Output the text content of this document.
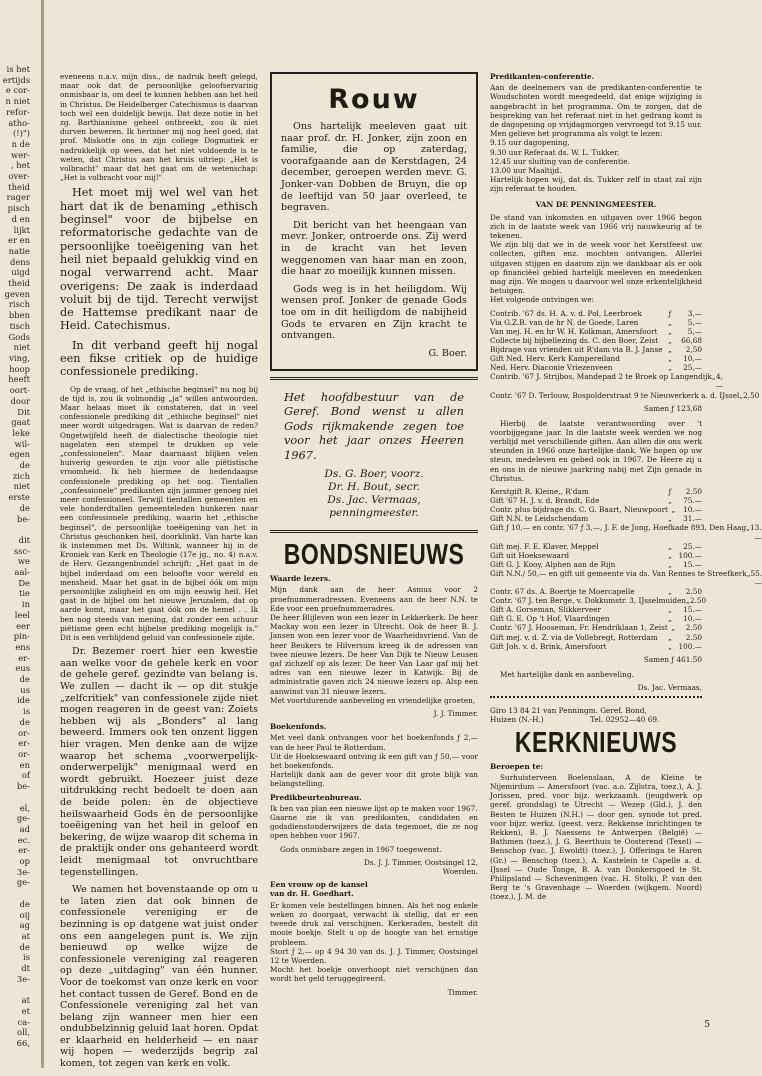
is het
ertijds
e cor-
n niet
refor-
atho-
(!)")
n de
wer-
, het
over-
theid
rager
pisch
d en
lijkt
er en
natie
dens
uigd
theid
geven
risch
bben
tisch
Gods
niet
ving,
hoop
heeft
oort-
door
Dit
gaat
leke
wil-
egen
de
zich
niet
erste
de
be-

dit
ssc-
we
aal-
De
tie
in
leel
eer
pin-
ens
er-
eus
de
us
ide
is
de
or-
er-
or-
en
of
be-

el,
ge-
ad
ec.
er-
op
3e-
ge-

de
oij
ag
at
de
is
dt
3e-

at
et
ca-
oll,
66,

eveneens n.a.v. mijn diss., de nadruk heeft gelegd, maar ook dat de persoonlijke geloofservaring onmisbaar is, om deel te kunnen hebben aan het heil in Christus. De Heidelberger Catechismus is daarvan toch wel een duidelijk bewijs. Dat deze notie in het zg. Barthianisme geheel ontbreekt, zou ik niet durven beweren. Ik herinner mij nog heel goed, dat prof. Miskotte ons in zijn college Dogmatiek er nadrukkelijk op wees, dat het niet voldoende is te weten, dat Christus aan het kruis uitriep: „Het is volbracht" maar dat het gaat om de wetenschap: „Het is volbracht voor mij!"

Het moet mij wel wel van het hart dat ik de benaming „ethisch beginsel" voor de bijbelse en reformatorische gedachte van de persoonlijke toeëigening van het heil niet bepaald gelukkig vind en nogal verwarrend acht. Maar overigens: De zaak is inderdaad voluit bij de tijd. Terecht verwijst de Hattemse predikant naar de Heid. Catechismus.

In dit verband geeft hij nogal een fikse critiek op de huidige confessionele prediking.

Op de vraag, of het „ethische beginsel" nu nog bij de tijd is, zou ik volmondig „ja" willen antwoorden. Maar helaas moet ik constateren, dat in veel confessionele prediking dit „ethische beginsel" niet meer wordt uitgedragen. Wat is daarvan de reden? Ongetwijfeld heeft de dialectische theologie niet nagelaten een stempel te drukken op vele „confessionelen". Maar daarnaast blijken velen huiverig geworden te zijn voor alle piëtistische vroomheid. Ik heb hiermee de hedendaagse confessionele prediking op het oog. Tientallen „confessionele" predikanten zijn jammer genoeg niet meer confessioneel. Terwijl tientallen gemeenten en vele honderdtallen gemeenteleden hunkeren naar een confessionele prediking, waarin het „ethische beginsel", de persoonlijke toeëigening van het in Christus geschonken heil, doorklinkt. Van harte kan ik instemmen met Ds. Wiltink, wanneer hij in de Kroniek van Kerk en Theologie (17e jg., no. 4) n.a.v. de Herv. Gezangenbundel schrijft: „Het gaat in de bijbel inderdaad om een beloofte voor wereld en mensheid. Maar het gaat in de bijbel óók om mijn persoonlijke zaligheid en om mijn eeuwig heil. Het gaat in de bijbel om het nieuwe Jeruzalem, dat op aarde komt, maar het gaat óók om de hemel . . Ik ben nog steeds van mening, dat zonder een schuur piëtisme geen echt bijbelse prediking mogelijk is." Dit is een verblijdend geluid van confessionele zijde.

Dr. Bezemer roert hier een kwestie aan welke voor de gehele kerk en voor de gehele geref. gezindte van belang is. We zullen — dacht ik — op dit stukje „zelfcritiek" van confessionele zijde niet mogen reageren in de geest van: Zoiets hebben wij als „Bonders" al lang beweerd. Immers ook ten onzent liggen hier vragen. Men denke aan de wijze waarop het schema „voorwerpelijk-onderwerpelijk" menigmaal werd en wordt gebruikt. Hoezeer juist deze uitdrukking recht bedoelt te doen aan de beide polen: èn de objectieve heilswaarheid Gods èn de persoonlijke toeëigening van het heil in geloof en bekering, de wijze waarop dit schema in de praktijk onder ons gehanteerd wordt leidt menigmaal tot onvruchtbare tegenstellingen.

We namen het bovenstaande op om u te laten zien dat ook binnen de confessionele vereniging er de bezinning is op datgene wat juist onder ons een aangelegen punt is. We zijn benieuwd op welke wijze de confessionele vereniging zal reageren op deze „uitdaging" van één hunner. Voor de toekomst van onze kerk en voor het contact tussen de Geref. Bond en de Confessionele vereniging zal het van belang zijn wanneer men hier een ondubbelzinnig geluid laat horen. Opdat er klaarheid en helderheid — en naar wij hopen — wederzijds begrip zal komen, tot zegen van kerk en volk.

Rouw

Ons hartelijk meeleven gaat uit naar prof. dr. H. Jonker, zijn zoon en familie, die op zaterdag, voorafgaande aan de Kerstdagen, 24 december, geroepen werden mevr. G. Jonker-van Dobben de Bruyn, die op de leeftijd van 50 jaar overleed, te begraven.

Dit bericht van het heengaan van mevr. Jonker, ontroerde ons. Zij werd in de kracht van het leven weggenomen van haar man en zoon, die haar zo moeilijk kunnen missen.

Gods weg is in het heiligdom. Wij wensen prof. Jonker de genade Gods toe om in dit heiligdom de nabijheid Gods te ervaren en Zijn kracht te ontvangen.

G. Boer.

Het hoofdbestuur van de Geref. Bond wenst u allen Gods rijkmakende zegen toe voor het jaar onzes Heeren 1967.

Ds. G. Boer, voorz.
Dr. H. Bout, secr.
Ds. Jac. Vermaas,
penningmeester.
BONDSNIEUWS
Waarde lezers.

Mijn dank aan de heer Asmus voor 2 proefnummeradressen. Eveneens aan de heer N.N. te Ede voor een proefnummeradres.
De heer Blijleven won een lezer in Lekkerkerk. De heer Mackay won een lezer in Utrecht. Ook de heer B. J. Jansen won een lezer voor de Waarheidsvriend. Van de heer Beukers te Hilversum kreeg ik de adressen van twee nieuwe lezers. De heer Van Dijk te Nieuw Leusen gaf zichzelf op als lezer. De heer Van Laar gaf mij het adres van een nieuwe lezer in Katwijk. Bij de administratie gaven zich 24 nieuwe lezers op. Alsp een aanwinst van 31 nieuwe lezers.
Met voortdurende aanbeveling en vriendelijke groeten,

J. J. Timmer.
Boekenfonds.

Met veel dank ontvangen voor het boekenfonds ƒ 2,— van de heer Paul te Rotterdam.
Uit de Hoeksewaard ontving ik een gift van ƒ 50,— voor het boekenfonds.
Hartelijk dank aan de gever voor dit grote blijk van belangstelling.

Predikbeurtenbureau.

Ik ben van plan een nieuwe lijst op te maken voor 1967.
Gaarne zie ik van predikanten, candidaten en godsdienstonderwijzers de data tegemoet, die ze nog open hebben voor 1967.

Gods onmisbare zegen in 1967 toegewenst.

Ds. J. J. Timmer, Oostsingel 12,
Woerden.
Een vrouw op de kansel
van dr. H. Goedhart.

Er komen vele bestellingen binnen. Als het nog enkele weken zo doorgaat, verwacht ik stellig, dat er een tweede druk zal verschijnen. Kerkeraden, bestelt dit mooie boekje. Stelt u op de hoogte van het ernstige probleem.
Stort ƒ 2,— op 4 94 30 van ds. J. J. Timmer, Oostsingel 12 te Woerden.
Mocht het boekje onverhoopt niet verschijnen dan wordt het geld teruggegireerd.

Timmer.
Predikanten-conferentie.

Aan de deelnemers van de predikanten-conferentie te Woudschoten wordt meegedeeld, dat enige wijziging is aangebracht in het programma. Om te zorgen, dat de bespreking van het referaat niet in het gedrang komt is de dagopening op vrijdagmorgen vervroegd tot 9.15 uur. Men gelieve het programma als volgt te lezen:
9.15 uur dagopening,
9.30 uur Referaat ds. W. L. Tukker.
12.45 uur sluiting van de conferentie.
13.00 uur Maaltijd.
Hartelijk hopen wij, dat ds. Tukker zelf in staat zal zijn zijn referaat te houden.

VAN DE PENNINGMEESTER.

De stand van inkomsten en uitgaven over 1966 begon zich in de laatste week van 1966 vrij nauwkeurig af te tekenen.
We zijn blij dat we in de week voor het Kerstfeest uw collecten, giften enz. mochten ontvangen. Allerlei uitgaven stijgen en daarom zijn we dankbaar als er ook op financiëel gebied hartelijk meeleven en meedenken mag zijn. We mogen u daarvoor wel onze erkentelijkheid betuigen.
Het volgende ontvingen we:

Contrib. '67 ds. H. A. v. d. Pol, Leerbroek	ƒ	3,—
Via G.Z.B. van de hr N. de Goede, Laren	„	5,—
Van mej. H. en hr W. H. Kolkman, Amersfoort	„	5,—
Collecte bij bijbellezing ds. C. den Boer, Zeist	„	66,68
Bijdrage van vrienden uit R'dam via B. J. Janse „	2,50
Gift Ned. Herv. Kerk Kampereiland	„	10,—
Ned. Herv. Diaconie Vriezenveen	„	25,—
Contrib. '67 J. Strijbos, Mandepad 2 te Broek op Langendijk „ 4,—
Contr. '67 D. Terlouw, Bospolderstraat 9 te Nieuwerkerk a. d. IJssel „ 2,50
Samen ƒ 123,68

Hierbij de laatste verantwoording over 't voorbijgegane jaar. In die laatste week werden we nog verblijd met verschillende giften. Aan allen die ons werk steunden in 1966 onze hartelijke dank. We hopen op uw steun, medeleven en gebed ook in 1967. De Heere zij u en ons in de nieuwe jaarkring nabij met Zijn genade in Christus.

Kerstgift R. Kleine,, R'dam	ƒ	2.50
Gift '67 H. J. v. d. Brandt, Ede	„	75.—
Contr. plus bijdrage ds. C. G. Baart, Nieuwpoort „	10.—
Gift N.N. te Leidschendam	„	31.—
Gift ƒ 10,— en contr. '67 ƒ 3,—, J. F. de Jong, Hoefkade 893, Den Haag „ 13.—
Gift mej. F. E. Klaver, Meppel	„	25.—
Gift uit Hoeksewaard	„ 100.—
Gift G. J. Kooy, Alphen aan de Rijn	„	15.—
Gift N.N./ 50,— en gift uit gemeente via ds. Van Rennes te Streefkerk „ 55.—
Contr. 67 ds. A. Boertje te Moercapelle	„	2.50
Contr. '67 J. ten Berge, v. Dokkumstr. 3, IJsselmuiden „ 2.50
Gift A. Gorseman, Slikkerveer	„	15.—
Gift G. E. Op 't Hof, Vlaardingen	„	10.—
Contr. '67 J. Hooseman, Fr. Hendriklaan 1, Zeist „	2.50
Gift mej. v. d. Z. via de Vollebregt, Rotterdam	„	2.50
Gift Joh. v. d. Brink, Amersfoort	„ 100.—
Samen ƒ 461.50

Met hartelijke dank en aanbeveling.

Ds. Jac. Vermaas,

Giro 13 84 21 van Penningm. Geref. Bond,
Huizen (N.-H.)                    Tel. 02952—40 69.

KERKNIEUWS
Beroepen te:

Surhuisterveen Boelenslaan, A de Kleine te Nijemirdum — Amersfoort (vac. a.o. Zijlstra, toez.), A. J. Jorissen, pred. voor bijz. werkzaamh. (jeugdwerk op geref. grondslag) te Utrecht — Wezep (Gld.), J. den Besten te Huizen (N.H.) — door gen. synode tot pred. voor bijzr. werkz. (geest. verz. Rekkense inrichtingen te Rekken), B. J. Naessens te Antwerpen (België) — Bathmen (toez.), J. G. Beerthuis te Oosterend (Texel) — Benschop (vac. J. Ewoldt) (toez.), J. Offeringa te Haren (Gr.) — Benschop (toez.), A. Kastelein te Capelle a. d. IJssel — Oude Tonge, B. A. van Donkersgoed te St. Philipsland — Scheveningen (vac. H. Stolk), P. van den Berg te 's Gravenhage — Woerden (wijkgem. Noord) (toez.), J. M. de

5
